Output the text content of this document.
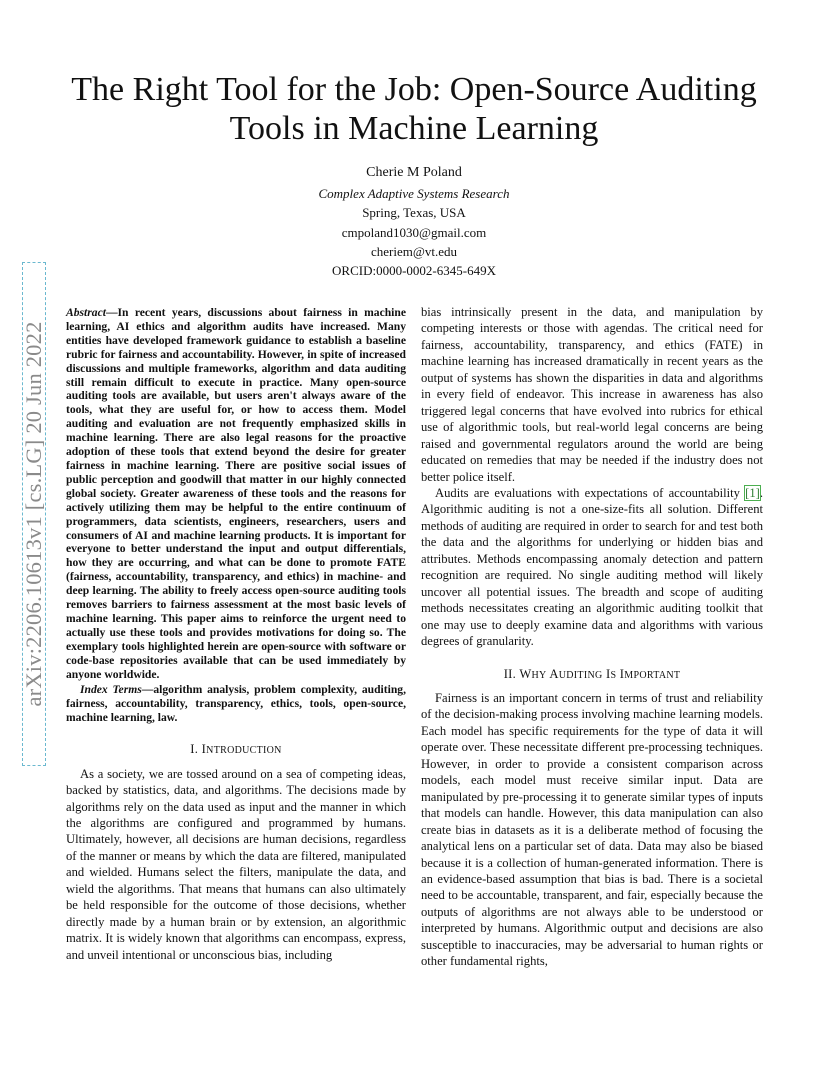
arXiv:2206.10613v1 [cs.LG] 20 Jun 2022
The Right Tool for the Job: Open-Source Auditing Tools in Machine Learning
Cherie M Poland
Complex Adaptive Systems Research
Spring, Texas, USA
cmpoland1030@gmail.com
cheriem@vt.edu
ORCID:0000-0002-6345-649X

Abstract—In recent years, discussions about fairness in machine learning, AI ethics and algorithm audits have increased. Many entities have developed framework guidance to establish a baseline rubric for fairness and accountability. However, in spite of increased discussions and multiple frameworks, algorithm and data auditing still remain difficult to execute in practice. Many open-source auditing tools are available, but users aren't always aware of the tools, what they are useful for, or how to access them. Model auditing and evaluation are not frequently emphasized skills in machine learning. There are also legal reasons for the proactive adoption of these tools that extend beyond the desire for greater fairness in machine learning. There are positive social issues of public perception and goodwill that matter in our highly connected global society. Greater awareness of these tools and the reasons for actively utilizing them may be helpful to the entire continuum of programmers, data scientists, engineers, researchers, users and consumers of AI and machine learning products. It is important for everyone to better understand the input and output differentials, how they are occurring, and what can be done to promote FATE (fairness, accountability, transparency, and ethics) in machine- and deep learning. The ability to freely access open-source auditing tools removes barriers to fairness assessment at the most basic levels of machine learning. This paper aims to reinforce the urgent need to actually use these tools and provides motivations for doing so. The exemplary tools highlighted herein are open-source with software or code-base repositories available that can be used immediately by anyone worldwide.

Index Terms—algorithm analysis, problem complexity, auditing, fairness, accountability, transparency, ethics, tools, open-source, machine learning, law.

I. INTRODUCTION

As a society, we are tossed around on a sea of competing ideas, backed by statistics, data, and algorithms. The decisions made by algorithms rely on the data used as input and the manner in which the algorithms are configured and programmed by humans. Ultimately, however, all decisions are human decisions, regardless of the manner or means by which the data are filtered, manipulated and wielded. Humans select the filters, manipulate the data, and wield the algorithms. That means that humans can also ultimately be held responsible for the outcome of those decisions, whether directly made by a human brain or by extension, an algorithmic matrix. It is widely known that algorithms can encompass, express, and unveil intentional or unconscious bias, including

bias intrinsically present in the data, and manipulation by competing interests or those with agendas. The critical need for fairness, accountability, transparency, and ethics (FATE) in machine learning has increased dramatically in recent years as the output of systems has shown the disparities in data and algorithms in every field of endeavor. This increase in awareness has also triggered legal concerns that have evolved into rubrics for ethical use of algorithmic tools, but real-world legal concerns are being raised and governmental regulators around the world are being educated on remedies that may be needed if the industry does not better police itself.

Audits are evaluations with expectations of accountability [1]. Algorithmic auditing is not a one-size-fits all solution. Different methods of auditing are required in order to search for and test both the data and the algorithms for underlying or hidden bias and attributes. Methods encompassing anomaly detection and pattern recognition are required. No single auditing method will likely uncover all potential issues. The breadth and scope of auditing methods necessitates creating an algorithmic auditing toolkit that one may use to deeply examine data and algorithms with various degrees of granularity.

II. WHY AUDITING IS IMPORTANT

Fairness is an important concern in terms of trust and reliability of the decision-making process involving machine learning models. Each model has specific requirements for the type of data it will operate over. These necessitate different pre-processing techniques. However, in order to provide a consistent comparison across models, each model must receive similar input. Data are manipulated by pre-processing it to generate similar types of inputs that models can handle. However, this data manipulation can also create bias in datasets as it is a deliberate method of focusing the analytical lens on a particular set of data. Data may also be biased because it is a collection of human-generated information. There is an evidence-based assumption that bias is bad. There is a societal need to be accountable, transparent, and fair, especially because the outputs of algorithms are not always able to be understood or interpreted by humans. Algorithmic output and decisions are also susceptible to inaccuracies, may be adversarial to human rights or other fundamental rights,
